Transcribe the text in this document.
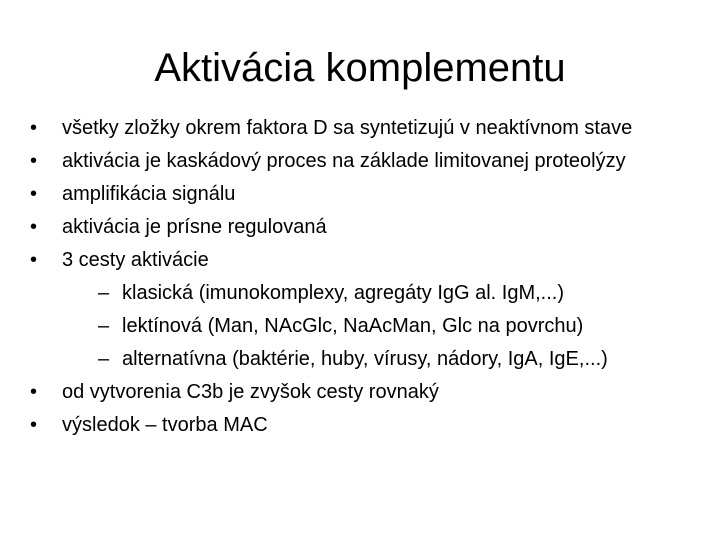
Aktivácia komplementu
•	všetky zložky okrem faktora D sa syntetizujú v neaktívnom stave
•	aktivácia je kaskádový proces na základe limitovanej proteolýzy
•	amplifikácia signálu
•	aktivácia je prísne regulovaná
•	3 cesty aktivácie
– klasická (imunokomplexy, agregáty IgG al. IgM,...)
– lektínová (Man, NAcGlc, NaAcMan, Glc na povrchu)
– alternatívna (baktérie, huby, vírusy, nádory, IgA, IgE,...)
•	od vytvorenia C3b je zvyšok cesty rovnaký
•	výsledok – tvorba MAC
